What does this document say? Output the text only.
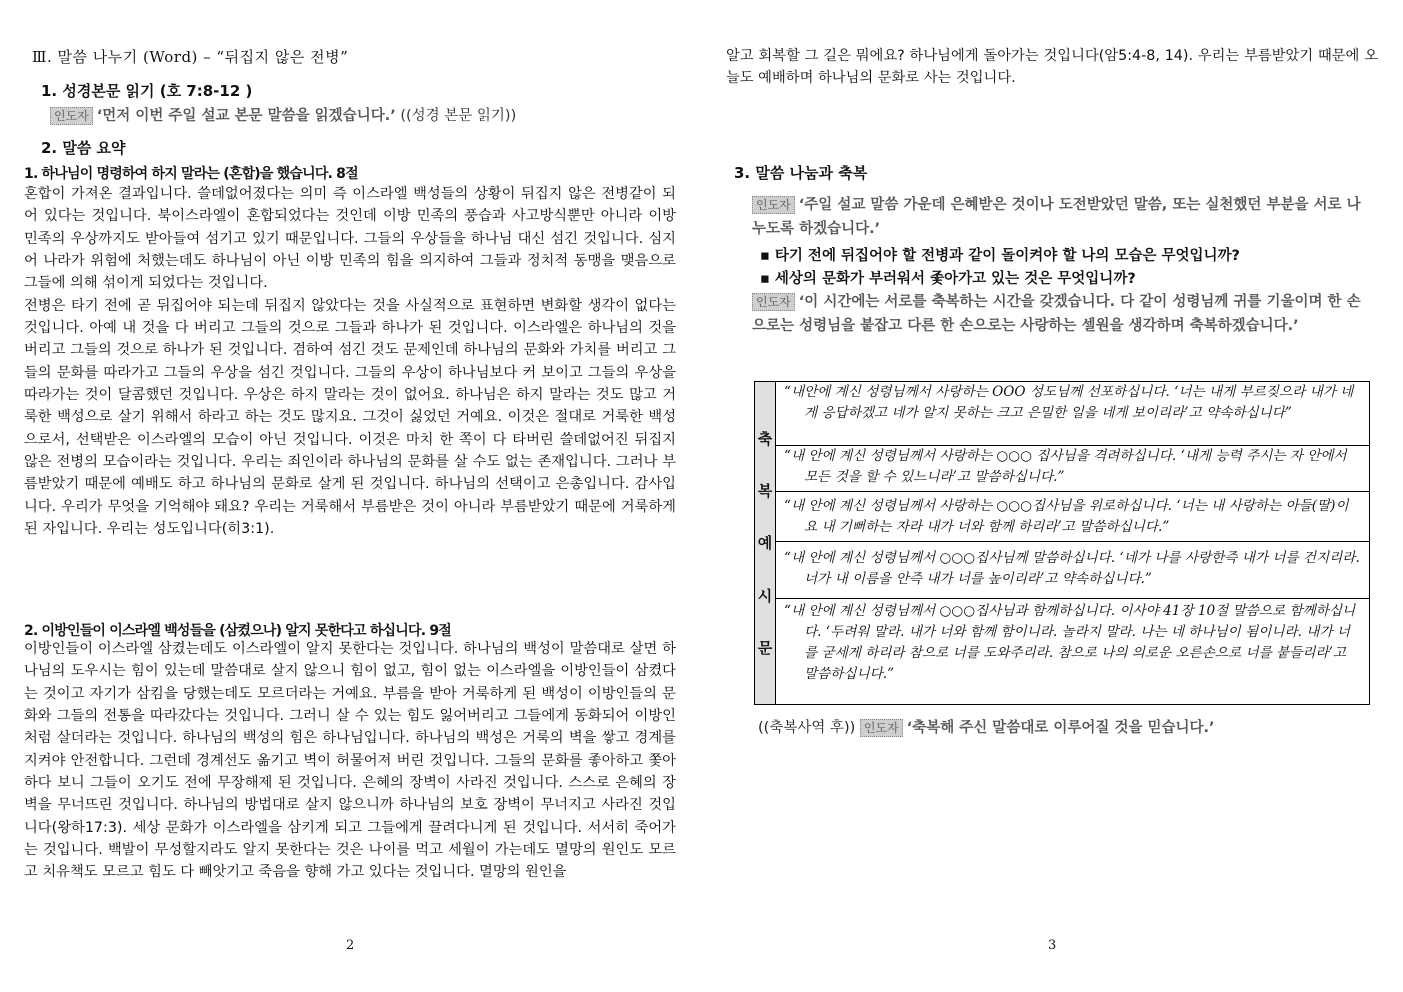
Ⅲ. 말씀 나누기 (Word) – “뒤집지 않은 전병”
1. 성경본문 읽기 (호 7:8-12 )
인도자 ‘먼저 이번 주일 설교 본문 말씀을 읽겠습니다.’ ((성경 본문 읽기))
2. 말씀 요약
1. 하나님이 명령하여 하지 말라는 (혼합)을 했습니다. 8절

혼합이 가져온 결과입니다. 쓸데없어졌다는 의미 즉 이스라엘 백성들의 상황이 뒤집지 않은 전병같이 되어 있다는 것입니다. 북이스라엘이 혼합되었다는 것인데 이방 민족의 풍습과 사고방식뿐만 아니라 이방 민족의 우상까지도 받아들여 섬기고 있기 때문입니다. 그들의 우상들을 하나님 대신 섬긴 것입니다. 심지어 나라가 위험에 처했는데도 하나님이 아닌 이방 민족의 힘을 의지하여 그들과 정치적 동맹을 맺음으로 그들에 의해 섞이게 되었다는 것입니다.

전병은 타기 전에 곧 뒤집어야 되는데 뒤집지 않았다는 것을 사실적으로 표현하면 변화할 생각이 없다는 것입니다. 아예 내 것을 다 버리고 그들의 것으로 그들과 하나가 된 것입니다. 이스라엘은 하나님의 것을 버리고 그들의 것으로 하나가 된 것입니다. 겸하여 섬긴 것도 문제인데 하나님의 문화와 가치를 버리고 그들의 문화를 따라가고 그들의 우상을 섬긴 것입니다. 그들의 우상이 하나님보다 커 보이고 그들의 우상을 따라가는 것이 달콤했던 것입니다. 우상은 하지 말라는 것이 없어요. 하나님은 하지 말라는 것도 많고 거룩한 백성으로 살기 위해서 하라고 하는 것도 많지요. 그것이 싫었던 거예요. 이것은 절대로 거룩한 백성으로서, 선택받은 이스라엘의 모습이 아닌 것입니다. 이것은 마치 한 쪽이 다 타버린 쓸데없어진 뒤집지 않은 전병의 모습이라는 것입니다. 우리는 죄인이라 하나님의 문화를 살 수도 없는 존재입니다. 그러나 부름받았기 때문에 예배도 하고 하나님의 문화로 살게 된 것입니다. 하나님의 선택이고 은총입니다. 감사입니다. 우리가 무엇을 기억해야 돼요? 우리는 거룩해서 부름받은 것이 아니라 부름받았기 때문에 거룩하게 된 자입니다. 우리는 성도입니다(히3:1).

2. 이방인들이 이스라엘 백성들을 (삼켰으나) 알지 못한다고 하십니다. 9절

이방인들이 이스라엘 삼켰는데도 이스라엘이 알지 못한다는 것입니다. 하나님의 백성이 말씀대로 살면 하나님의 도우시는 힘이 있는데 말씀대로 살지 않으니 힘이 없고, 힘이 없는 이스라엘을 이방인들이 삼켰다는 것이고 자기가 삼킴을 당했는데도 모르더라는 거예요. 부름을 받아 거룩하게 된 백성이 이방인들의 문화와 그들의 전통을 따라갔다는 것입니다. 그러니 살 수 있는 힘도 잃어버리고 그들에게 동화되어 이방인처럼 살더라는 것입니다. 하나님의 백성의 힘은 하나님입니다. 하나님의 백성은 거룩의 벽을 쌓고 경계를 지켜야 안전합니다. 그런데 경계선도 옮기고 벽이 허물어져 버린 것입니다. 그들의 문화를 좋아하고 쫓아 하다 보니 그들이 오기도 전에 무장해제 된 것입니다. 은혜의 장벽이 사라진 것입니다. 스스로 은혜의 장벽을 무너뜨린 것입니다. 하나님의 방법대로 살지 않으니까 하나님의 보호 장벽이 무너지고 사라진 것입니다(왕하17:3). 세상 문화가 이스라엘을 삼키게 되고 그들에게 끌려다니게 된 것입니다. 서서히 죽어가는 것입니다. 백발이 무성할지라도 알지 못한다는 것은 나이를 먹고 세월이 가는데도 멸망의 원인도 모르고 치유책도 모르고 힘도 다 빼앗기고 죽음을 향해 가고 있다는 것입니다. 멸망의 원인을

2
알고 회복할 그 길은 뭐에요? 하나님에게 돌아가는 것입니다(암5:4-8, 14). 우리는 부름받았기 때문에 오늘도 예배하며 하나님의 문화로 사는 것입니다.
3. 말씀 나눔과 축복
인도자 ‘주일 설교 말씀 가운데 은혜받은 것이나 도전받았던 말씀, 또는 실천했던 부분을 서로 나누도록 하겠습니다.’
▪ 타기 전에 뒤집어야 할 전병과 같이 돌이켜야 할 나의 모습은 무엇입니까?
▪ 세상의 문화가 부러워서 좇아가고 있는 것은 무엇입니까?
인도자 ‘이 시간에는 서로를 축복하는 시간을 갖겠습니다. 다 같이 성령님께 귀를 기울이며 한 손으로는 성령님을 붙잡고 다른 한 손으로는 사랑하는 셀원을 생각하며 축복하겠습니다.’
축
복
예
시
문
“내안에 계신 성령님께서 사랑하는 OOO 성도님께 선포하십니다. ‘너는 내게 부르짖으라 내가 네게 응답하겠고 네가 알지 못하는 크고 은밀한 일을 네게 보이리라’고 약속하십니다”
“내 안에 계신 성령님께서 사랑하는 ○○○ 집사님을 격려하십니다. ‘내게 능력 주시는 자 안에서 모든 것을 할 수 있느니라’고 말씀하십니다.”
“내 안에 계신 성령님께서 사랑하는 ○○○집사님을 위로하십니다. ‘너는 내 사랑하는 아들(딸)이요 내 기뻐하는 자라 내가 너와 함께 하리라’고 말씀하십니다.”
“내 안에 계신 성령님께서 ○○○집사님께 말씀하십니다. ‘네가 나를 사랑한즉 내가 너를 건지리라. 너가 내 이름을 안즉 내가 너를 높이리라’고 약속하십니다.”
“내 안에 계신 성령님께서 ○○○집사님과 함께하십니다. 이사야 41장 10절 말씀으로 함께하십니다. ‘두려워 말라. 내가 너와 함께 함이니라. 놀라지 말라. 나는 네 하나님이 됨이니라. 내가 너를 굳세게 하리라 참으로 너를 도와주리라. 참으로 나의 의로운 오른손으로 너를 붙들리라’고 말씀하십니다.”
((축복사역 후)) 인도자 ‘축복해 주신 말씀대로 이루어질 것을 믿습니다.’
3
